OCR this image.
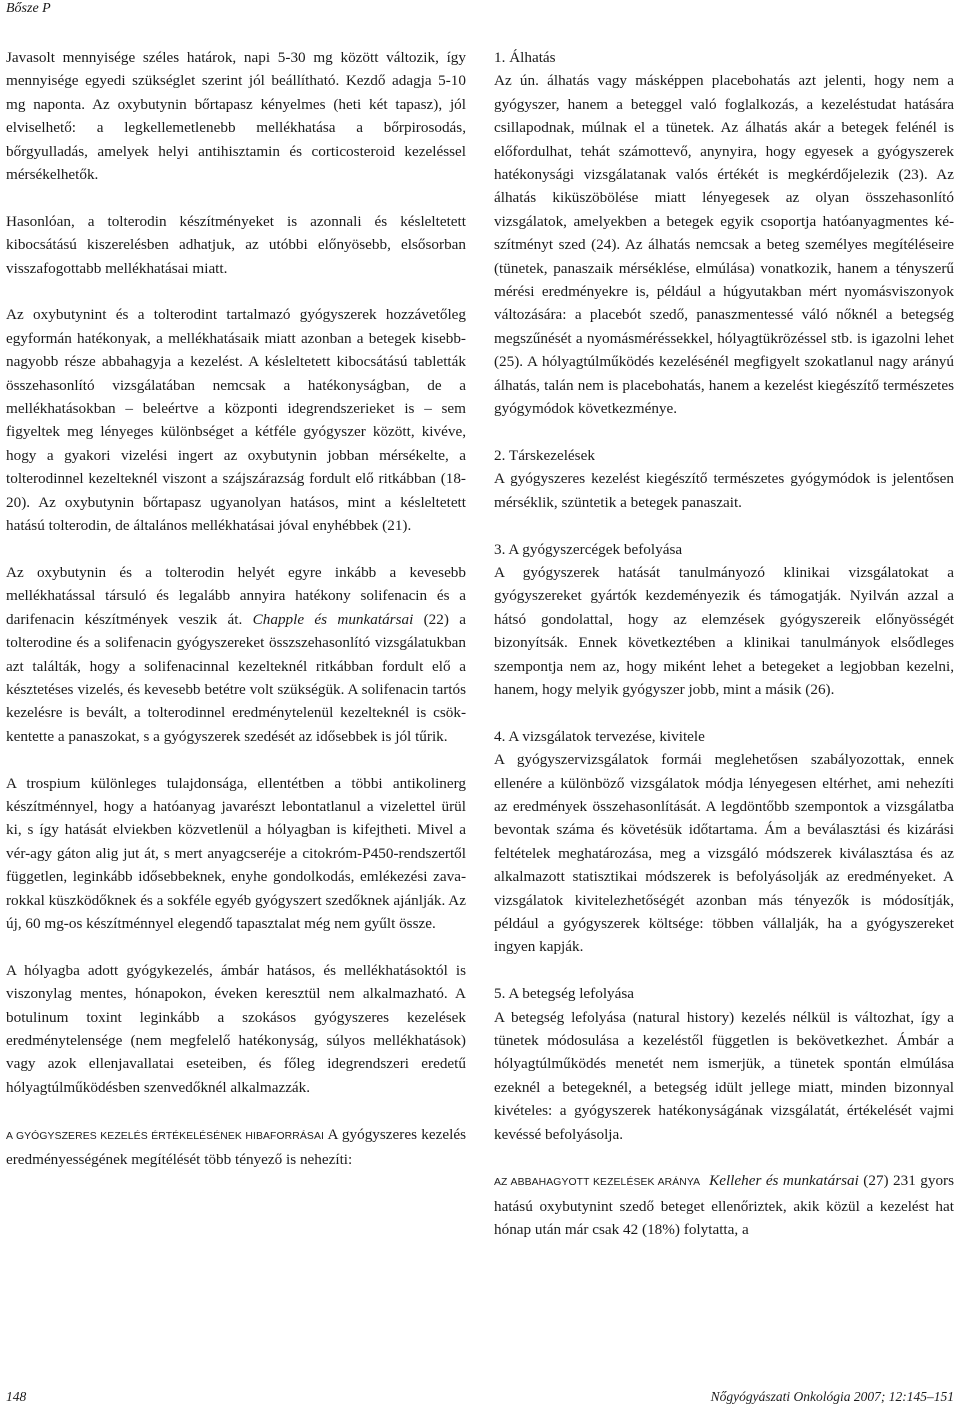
Bősze P

Javasolt mennyisége széles határok, napi 5-30 mg között változik, így mennyisége egyedi szükséglet szerint jól beállítható. Kezdő adagja 5-10 mg naponta. Az oxybutynin bőrtapasz kényelmes (heti két tapasz), jól elviselhető: a legkellemetlenebb mellékhatása a bőrpirosodás, bőrgyulladás, amelyek helyi antihisztamin és corticosteroid kezeléssel mérsékelhetők.

Hasonlóan, a tolterodin készítményeket is azonnali és késleltetett kibocsátású kiszerelésben adhatjuk, az utóbbi előnyösebb, elsősorban visszafogottabb mellékhatásai miatt.

Az oxybutynint és a tolterodint tartalmazó gyógyszerek hozzávetőleg egyformán hatékonyak, a mellékhatásaik miatt azonban a betegek kisebb-nagyobb része abbahagyja a kezelést. A késleltetett kibocsátású tabletták összehasonlító vizsgálatában nemcsak a hatékonyságban, de a mellékhatásokban – beleértve a központi idegrendszerieket is – sem figyeltek meg lényeges különbséget a kétféle gyógyszer között, kivéve, hogy a gyakori vizelési ingert az oxybutynin jobban mérsékelte, a tolterodinnel kezelteknél viszont a szájszárazság fordult elő ritkábban (18-20). Az oxybutynin bőrtapasz ugyanolyan hatásos, mint a késleltetett hatású tolterodin, de általános mellékhatásai jóval enyhébbek (21).

Az oxybutynin és a tolterodin helyét egyre inkább a kevesebb mellékhatással társuló és legalább annyira hatékony solifenacin és a darifenacin készítmények veszik át. Chapple és munkatársai (22) a tolterodine és a solifenacin gyógyszereket összszehasonlító vizsgálatukban azt találták, hogy a solifenacinnal kezelteknél ritkábban fordult elő a késztetéses vizelés, és kevesebb betétre volt szükségük. A solifenacin tartós kezelésre is bevált, a tolterodinnel eredménytelenül kezelteknél is csökkentette a panaszokat, s a gyógyszerek szedését az idősebbek is jól tűrik.

A trospium különleges tulajdonsága, ellentétben a többi antikolinerg készítménnyel, hogy a hatóanyag javarészt lebontatlanul a vizelettel ürül ki, s így hatását elviekben közvetlenül a hólyagban is kifejtheti. Mivel a vér-agy gáton alig jut át, s mert anyagcseréje a citokróm-P450-rendszertől független, leginkább idősebbeknek, enyhe gondolkodás, emlékezési zavarokkal küszködőknek és a sokféle egyéb gyógyszert szedőknek ajánlják. Az új, 60 mg-os készítménnyel elegendő tapasztalat még nem gyűlt össze.

A hólyagba adott gyógykezelés, ámbár hatásos, és mellékhatásoktól is viszonylag mentes, hónapokon, éveken keresztül nem alkalmazható. A botulinum toxint leginkább a szokásos gyógyszeres kezelések eredménytelensége (nem megfelelő hatékonyság, súlyos mellékhatások) vagy azok ellenjavallatai eseteiben, és főleg idegrendszeri eredetű hólyagtúlműködésben szenvedőknél alkalmazzák.

A GYÓGYSZERES KEZELÉS ÉRTÉKELÉSÉNEK HIBAFORRÁSAI A gyógyszeres kezelés eredményességének megítélését több tényező is nehezíti:

1. Álhatás
Az ún. álhatás vagy másképpen placebohatás azt jelenti, hogy nem a gyógyszer, hanem a beteggel való foglalkozás, a kezeléstudat hatására csillapodnak, múlnak el a tünetek. Az álhatás akár a betegek felénél is előfordulhat, tehát számottevő, anynyira, hogy egyesek a gyógyszerek hatékonysági vizsgálatanak valós értékét is megkérdőjelezik (23). Az álhatás kiküszöbölése miatt lényegesek az olyan összehasonlító vizsgálatok, amelyekben a betegek egyik csoportja hatóanyagmentes készítményt szed (24). Az álhatás nemcsak a beteg személyes megítéléseire (tünetek, panaszaik mérséklése, elmúlása) vonatkozik, hanem a tényszerű mérési eredményekre is, például a húgyutakban mért nyomásviszonyok változására: a placebót szedő, panaszmentessé váló nőknél a betegség megszűnését a nyomásméréssekkel, hólyagtükrözéssel stb. is igazolni lehet (25). A hólyagtúlműködés kezelésénél megfigyelt szokatlanul nagy arányú álhatás, talán nem is placebohatás, hanem a kezelést kiegészítő természetes gyógymódok következménye.
2. Társkezelések
A gyógyszeres kezelést kiegészítő természetes gyógymódok is jelentősen mérséklik, szüntetik a betegek panaszait.
3. A gyógyszercégek befolyása
A gyógyszerek hatását tanulmányozó klinikai vizsgálatokat a gyógyszereket gyártók kezdeményezik és támogatják. Nyilván azzal a hátsó gondolattal, hogy az elemzések gyógyszereik előnyösségét bizonyítsák. Ennek következtében a klinikai tanulmányok elsődleges szempontja nem az, hogy miként lehet a betegeket a legjobban kezelni, hanem, hogy melyik gyógyszer jobb, mint a másik (26).
4. A vizsgálatok tervezése, kivitele
A gyógyszervizsgálatok formái meglehetősen szabályozottak, ennek ellenére a különböző vizsgálatok módja lényegesen eltérhet, ami nehezíti az eredmények összehasonlítását. A legdöntőbb szempontok a vizsgálatba bevontak száma és követésük időtartama. Ám a beválasztási és kizárási feltételek meghatározása, meg a vizsgáló módszerek kiválasztása és az alkalmazott statisztikai módszerek is befolyásolják az eredményeket. A vizsgálatok kivitelezhetőségét azonban más tényezők is módosítják, például a gyógyszerek költsége: többen vállalják, ha a gyógyszereket ingyen kapják.
5. A betegség lefolyása
A betegség lefolyása (natural history) kezelés nélkül is változhat, így a tünetek módosulása a kezeléstől független is bekövetkezhet. Ámbár a hólyagtúlműködés menetét nem ismerjük, a tünetek spontán elmúlása ezeknél a betegeknél, a betegség idült jellege miatt, minden bizonnyal kivételes: a gyógyszerek hatékonyságának vizsgálatát, értékelését vajmi kevéssé befolyásolja.

AZ ABBAHAGYOTT KEZELÉSEK ARÁNYA Kelleher és munkatársai (27) 231 gyors hatású oxybutynint szedő beteget ellenőriztek, akik közül a kezelést hat hónap után már csak 42 (18%) folytatta, a

148	Nőgyógyászati Onkológia 2007; 12:145–151
